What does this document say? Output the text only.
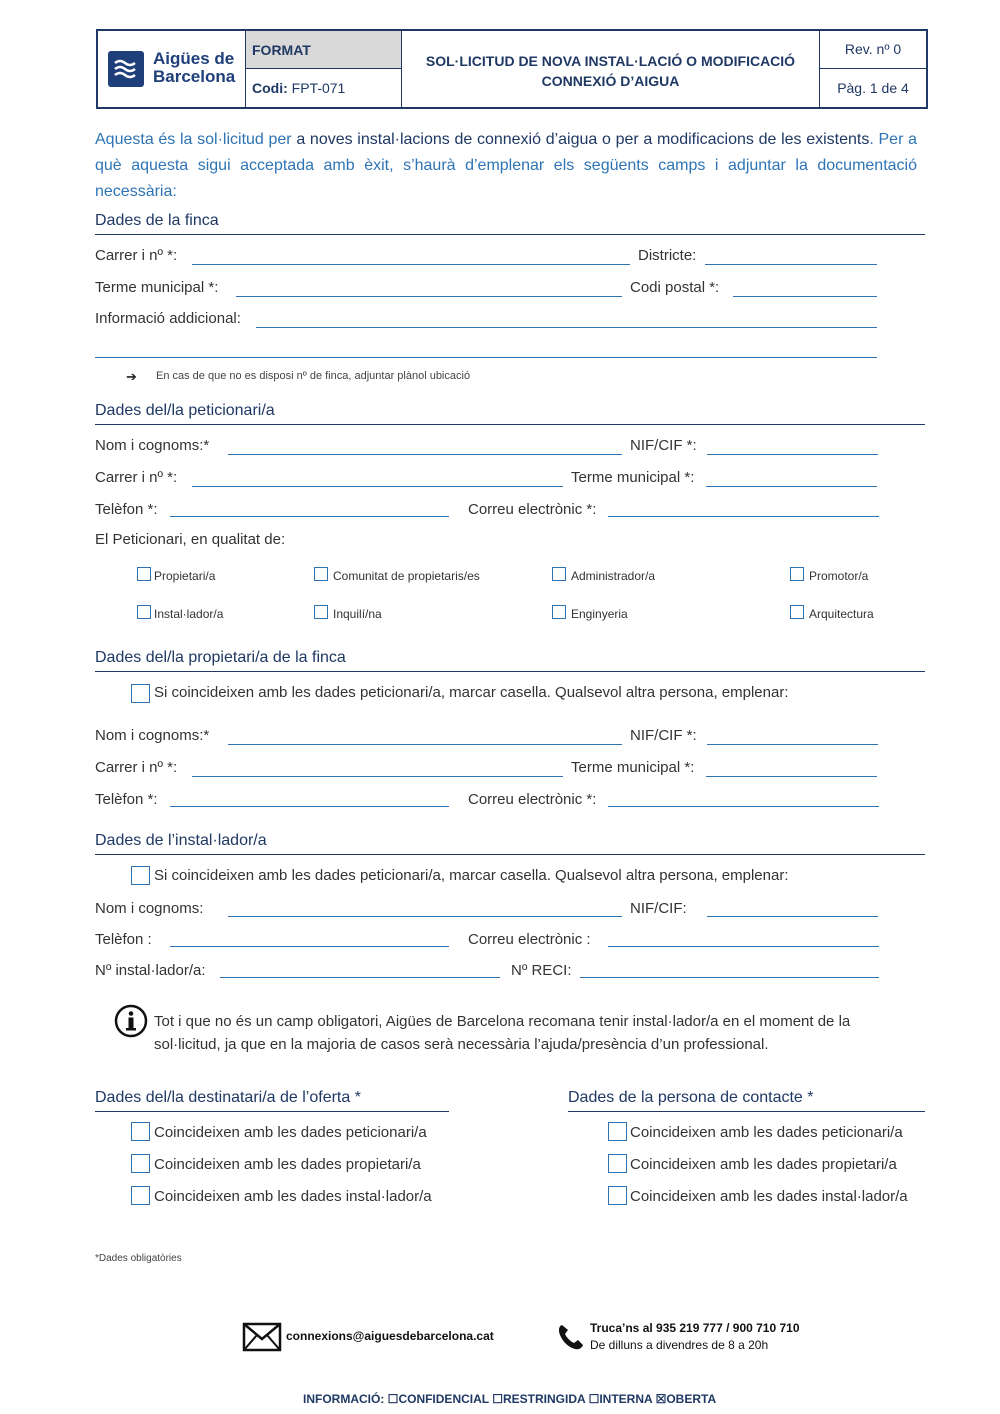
Aigües de
Barcelona
FORMAT
Codi: FPT-071
SOL·LICITUD DE NOVA INSTAL·LACIÓ O MODIFICACIÓ
CONNEXIÓ D’AIGUA
Rev. nº 0
Pàg. 1 de 4
Aquesta és la sol·licitud per a noves instal·lacions de connexió d’aigua o per a modificacions de les existents. Per a què aquesta sigui acceptada amb èxit, s’haurà d’emplenar els següents camps i adjuntar la documentació necessària:
Dades de la finca
Carrer i nº *:	Districte:
Terme municipal *:	Codi postal *:
Informació addicional:
➔ En cas de que no es disposi nº de finca, adjuntar plànol ubicació
Dades del/la peticionari/a
Nom i cognoms:*	NIF/CIF *:
Carrer i nº *:	Terme municipal *:
Telèfon *:	Correu electrònic *:
El Peticionari, en qualitat de:
Propietari/a	Comunitat de propietaris/es	Administrador/a	Promotor/a
Instal·lador/a	Inquilí/na	Enginyeria	Arquitectura
Dades del/la propietari/a de la finca
Si coincideixen amb les dades peticionari/a, marcar casella. Qualsevol altra persona, emplenar:
Nom i cognoms:*	NIF/CIF *:
Carrer i nº *:	Terme municipal *:
Telèfon *:	Correu electrònic *:
Dades de l’instal·lador/a
Si coincideixen amb les dades peticionari/a, marcar casella. Qualsevol altra persona, emplenar:
Nom i cognoms:	NIF/CIF:
Telèfon :	Correu electrònic :
Nº instal·lador/a:	Nº RECI:
Tot i que no és un camp obligatori, Aigües de Barcelona recomana tenir instal·lador/a en el moment de la
sol·licitud, ja que en la majoria de casos serà necessària l’ajuda/presència d’un professional.
Dades del/la destinatari/a de l’oferta *	Dades de la persona de contacte *
Coincideixen amb les dades peticionari/a
Coincideixen amb les dades propietari/a
Coincideixen amb les dades instal·lador/a
Coincideixen amb les dades peticionari/a
Coincideixen amb les dades propietari/a
Coincideixen amb les dades instal·lador/a
*Dades obligatòries
connexions@aiguesdebarcelona.cat
Truca’ns al 935 219 777 / 900 710 710
De dilluns a divendres de 8 a 20h
INFORMACIÓ: ☐CONFIDENCIAL ☐RESTRINGIDA ☐INTERNA ☒OBERTA
